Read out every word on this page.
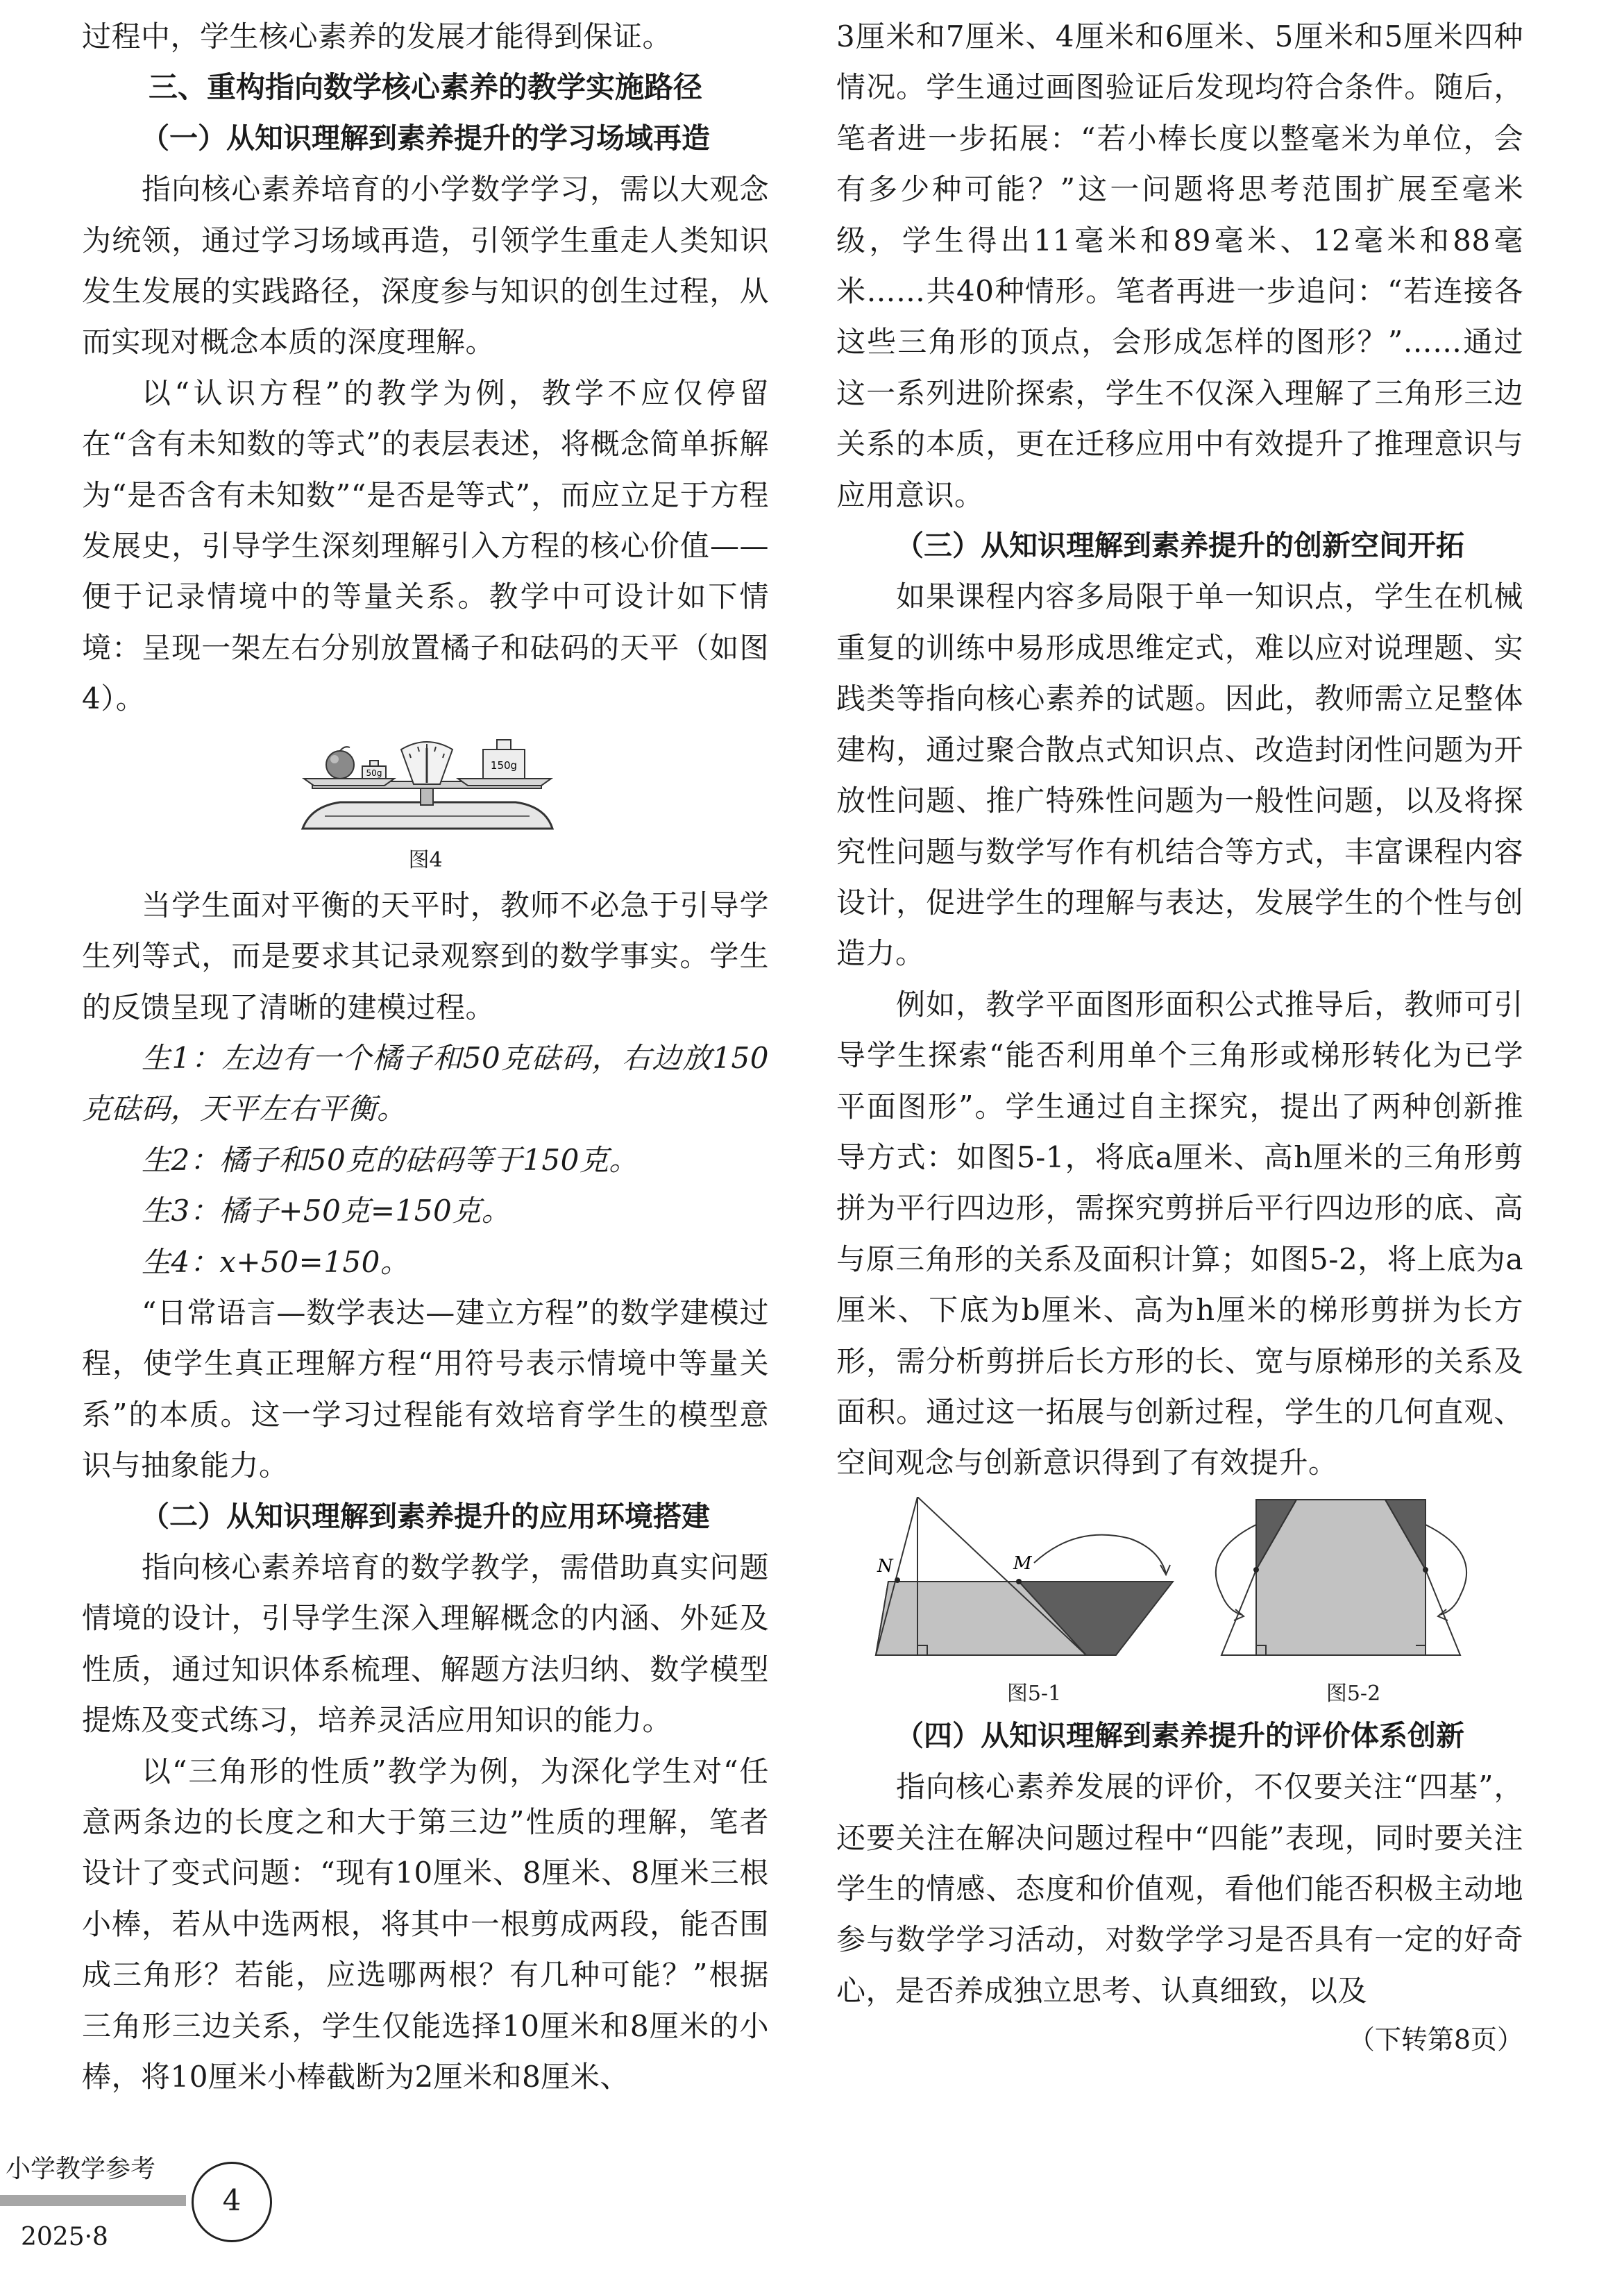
过程中，学生核心素养的发展才能得到保证。

三、重构指向数学核心素养的教学实施路径

（一）从知识理解到素养提升的学习场域再造

指向核心素养培育的小学数学学习，需以大观念为统领，通过学习场域再造，引领学生重走人类知识发生发展的实践路径，深度参与知识的创生过程，从而实现对概念本质的深度理解。

以“认识方程”的教学为例，教学不应仅停留在“含有未知数的等式”的表层表述，将概念简单拆解为“是否含有未知数”“是否是等式”，而应立足于方程发展史，引导学生深刻理解引入方程的核心价值——便于记录情境中的等量关系。教学中可设计如下情境：呈现一架左右分别放置橘子和砝码的天平（如图4）。

50g
150g
图4

当学生面对平衡的天平时，教师不必急于引导学生列等式，而是要求其记录观察到的数学事实。学生的反馈呈现了清晰的建模过程。

生1：左边有一个橘子和50克砝码，右边放150克砝码，天平左右平衡。

生2：橘子和50克的砝码等于150克。

生3：橘子+50克=150克。

生4：x+50=150。

“日常语言—数学表达—建立方程”的数学建模过程，使学生真正理解方程“用符号表示情境中等量关系”的本质。这一学习过程能有效培育学生的模型意识与抽象能力。

（二）从知识理解到素养提升的应用环境搭建

指向核心素养培育的数学教学，需借助真实问题情境的设计，引导学生深入理解概念的内涵、外延及性质，通过知识体系梳理、解题方法归纳、数学模型提炼及变式练习，培养灵活应用知识的能力。

以“三角形的性质”教学为例，为深化学生对“任意两条边的长度之和大于第三边”性质的理解，笔者设计了变式问题：“现有10厘米、8厘米、8厘米三根小棒，若从中选两根，将其中一根剪成两段，能否围成三角形？若能，应选哪两根？有几种可能？”根据三角形三边关系，学生仅能选择10厘米和8厘米的小棒，将10厘米小棒截断为2厘米和8厘米、

3厘米和7厘米、4厘米和6厘米、5厘米和5厘米四种情况。学生通过画图验证后发现均符合条件。随后，笔者进一步拓展：“若小棒长度以整毫米为单位，会有多少种可能？”这一问题将思考范围扩展至毫米级，学生得出11毫米和89毫米、12毫米和88毫米……共40种情形。笔者再进一步追问：“若连接各这些三角形的顶点，会形成怎样的图形？”……通过这一系列进阶探索，学生不仅深入理解了三角形三边关系的本质，更在迁移应用中有效提升了推理意识与应用意识。

（三）从知识理解到素养提升的创新空间开拓

如果课程内容多局限于单一知识点，学生在机械重复的训练中易形成思维定式，难以应对说理题、实践类等指向核心素养的试题。因此，教师需立足整体建构，通过聚合散点式知识点、改造封闭性问题为开放性问题、推广特殊性问题为一般性问题，以及将探究性问题与数学写作有机结合等方式，丰富课程内容设计，促进学生的理解与表达，发展学生的个性与创造力。

例如，教学平面图形面积公式推导后，教师可引导学生探索“能否利用单个三角形或梯形转化为已学平面图形”。学生通过自主探究，提出了两种创新推导方式：如图5-1，将底a厘米、高h厘米的三角形剪拼为平行四边形，需探究剪拼后平行四边形的底、高与原三角形的关系及面积计算；如图5-2，将上底为a厘米、下底为b厘米、高为h厘米的梯形剪拼为长方形，需分析剪拼后长方形的长、宽与原梯形的关系及面积。通过这一拓展与创新过程，学生的几何直观、空间观念与创新意识得到了有效提升。

N	M
图5-1	图5-2

（四）从知识理解到素养提升的评价体系创新

指向核心素养发展的评价，不仅要关注“四基”，还要关注在解决问题过程中“四能”表现，同时要关注学生的情感、态度和价值观，看他们能否积极主动地参与数学学习活动，对数学学习是否具有一定的好奇心，是否养成独立思考、认真细致，以及

（下转第8页）
小学教学参考
2025·8
4
